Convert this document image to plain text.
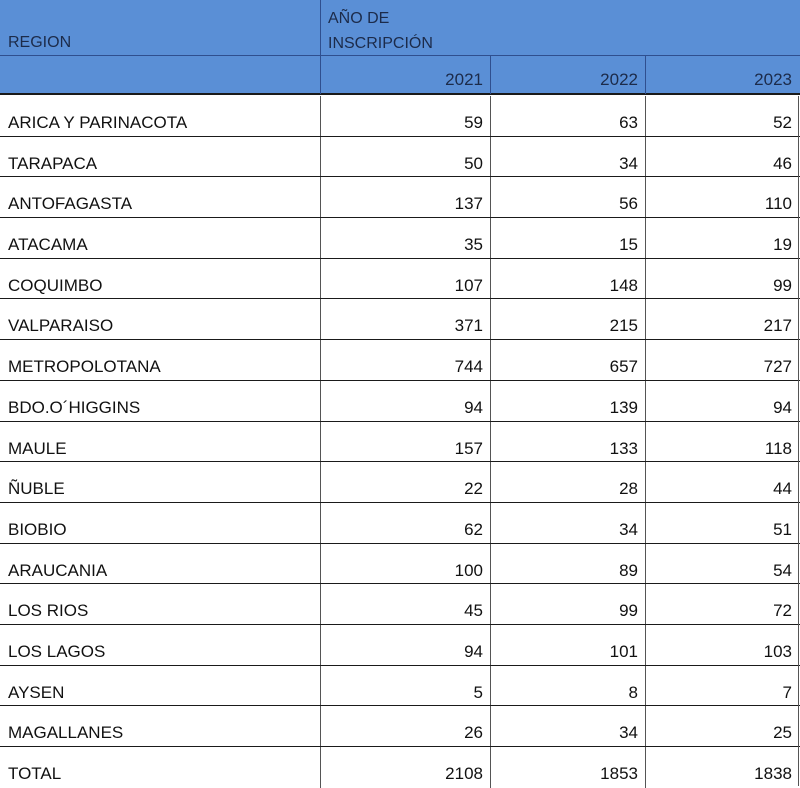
REGION
AÑO DE
INSCRIPCIÓN
2021	2022	2023
ARICA Y PARINACOTA	59	63	52
TARAPACA	50	34	46
ANTOFAGASTA	137	56	110
ATACAMA	35	15	19
COQUIMBO	107	148	99
VALPARAISO	371	215	217
METROPOLOTANA	744	657	727
BDO.O´HIGGINS	94	139	94
MAULE	157	133	118
ÑUBLE	22	28	44
BIOBIO	62	34	51
ARAUCANIA	100	89	54
LOS RIOS	45	99	72
LOS LAGOS	94	101	103
AYSEN	5	8	7
MAGALLANES	26	34	25
TOTAL	2108	1853	1838
